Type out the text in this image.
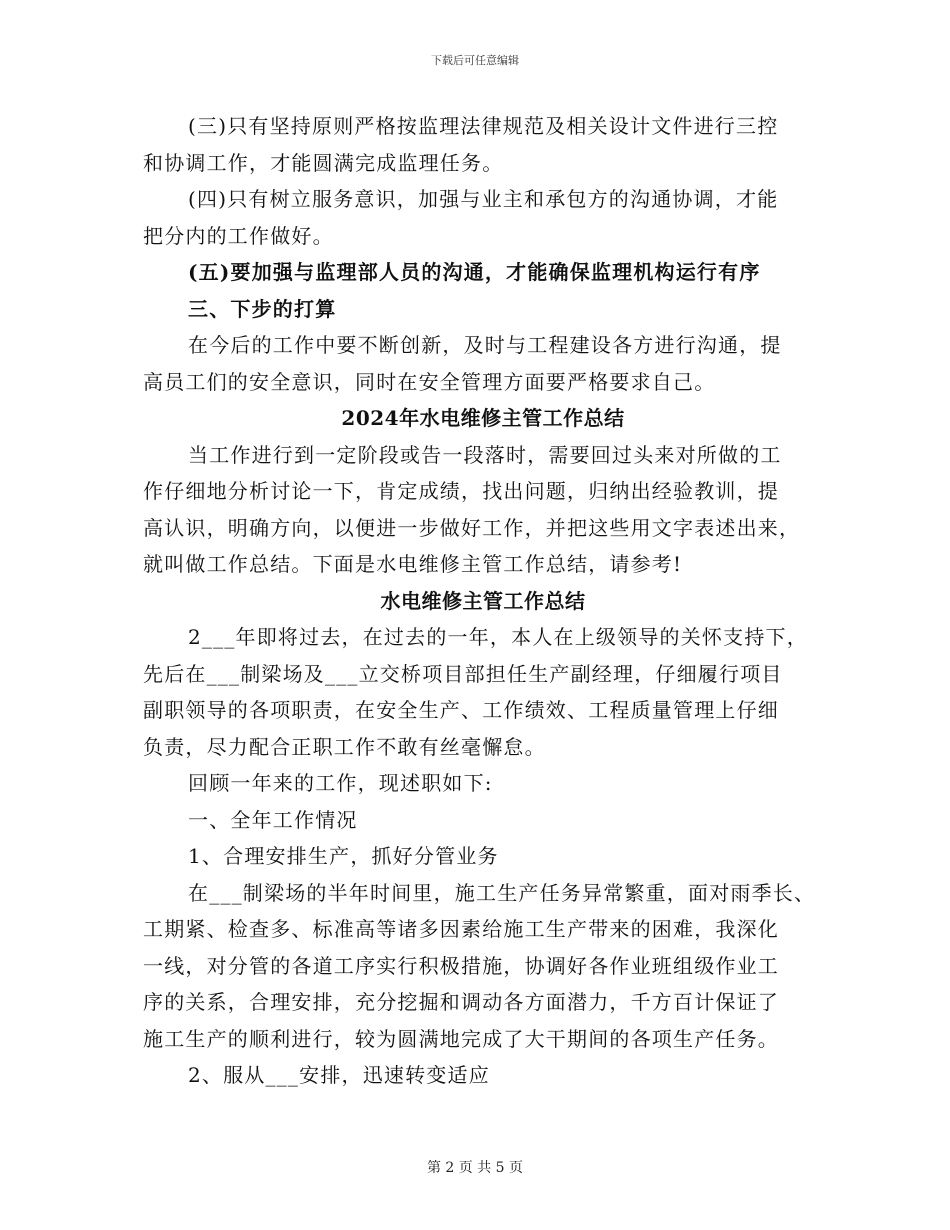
下载后可任意编辑
(三)只有坚持原则严格按监理法律规范及相关设计文件进行三控
和协调工作，才能圆满完成监理任务。
(四)只有树立服务意识，加强与业主和承包方的沟通协调，才能
把分内的工作做好。
(五)要加强与监理部人员的沟通，才能确保监理机构运行有序
三、下步的打算
在今后的工作中要不断创新，及时与工程建设各方进行沟通，提
高员工们的安全意识，同时在安全管理方面要严格要求自己。
2024年水电维修主管工作总结
当工作进行到一定阶段或告一段落时，需要回过头来对所做的工
作仔细地分析讨论一下，肯定成绩，找出问题，归纳出经验教训，提
高认识，明确方向，以便进一步做好工作，并把这些用文字表述出来，
就叫做工作总结。下面是水电维修主管工作总结，请参考!
水电维修主管工作总结
2___年即将过去，在过去的一年，本人在上级领导的关怀支持下，
先后在___制梁场及___立交桥项目部担任生产副经理，仔细履行项目
副职领导的各项职责，在安全生产、工作绩效、工程质量管理上仔细
负责，尽力配合正职工作不敢有丝毫懈怠。
回顾一年来的工作，现述职如下:
一、全年工作情况
1、合理安排生产，抓好分管业务
在___制梁场的半年时间里，施工生产任务异常繁重，面对雨季长、
工期紧、检查多、标准高等诸多因素给施工生产带来的困难，我深化
一线，对分管的各道工序实行积极措施，协调好各作业班组级作业工
序的关系，合理安排，充分挖掘和调动各方面潜力，千方百计保证了
施工生产的顺利进行，较为圆满地完成了大干期间的各项生产任务。
2、服从___安排，迅速转变适应
第 2 页 共 5 页
